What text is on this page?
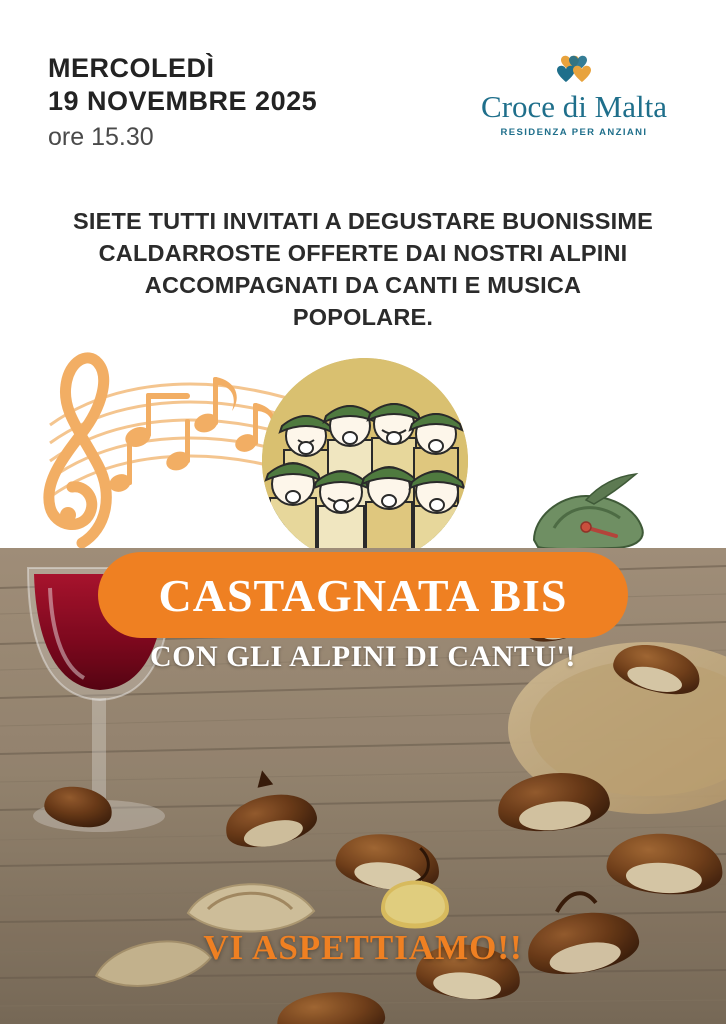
MERCOLEDÌ
19 NOVEMBRE 2025
ore 15.30
Croce di Malta
RESIDENZA PER ANZIANI
SIETE TUTTI INVITATI A DEGUSTARE BUONISSIME
CALDARROSTE OFFERTE DAI NOSTRI ALPINI
ACCOMPAGNATI DA CANTI E MUSICA
POPOLARE.
CASTAGNATA BIS
CON GLI ALPINI DI CANTU'!
VI ASPETTIAMO!!
